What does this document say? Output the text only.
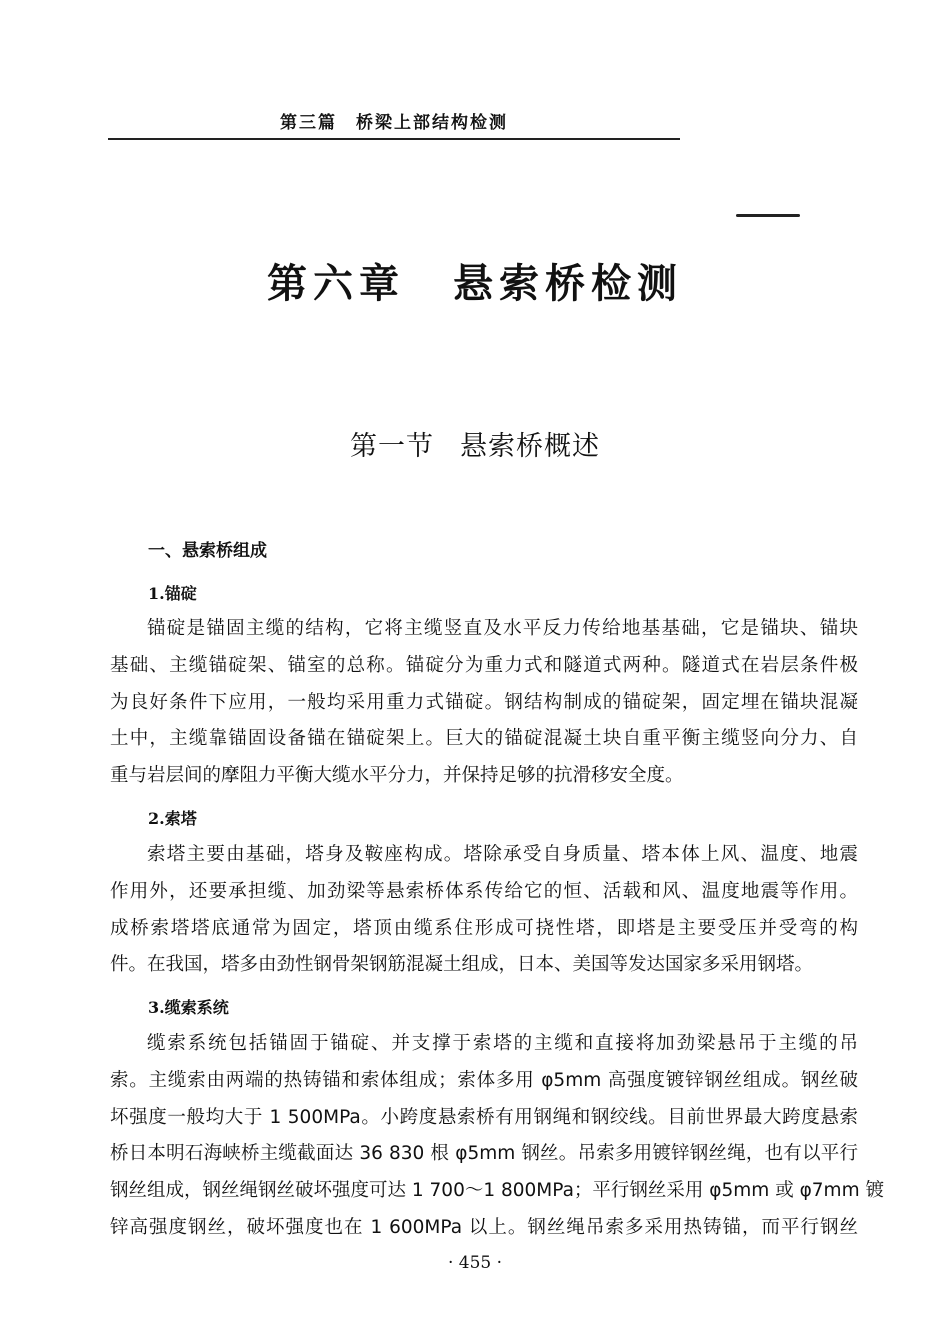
第三篇　桥梁上部结构检测
第六章 悬索桥检测
第一节 悬索桥概述
一、悬索桥组成
1.锚碇
锚碇是锚固主缆的结构，它将主缆竖直及水平反力传给地基基础，它是锚块、锚块
基础、主缆锚碇架、锚室的总称。锚碇分为重力式和隧道式两种。隧道式在岩层条件极
为良好条件下应用，一般均采用重力式锚碇。钢结构制成的锚碇架，固定埋在锚块混凝
土中，主缆靠锚固设备锚在锚碇架上。巨大的锚碇混凝土块自重平衡主缆竖向分力、自
重与岩层间的摩阻力平衡大缆水平分力，并保持足够的抗滑移安全度。
2.索塔
索塔主要由基础，塔身及鞍座构成。塔除承受自身质量、塔本体上风、温度、地震
作用外，还要承担缆、加劲梁等悬索桥体系传给它的恒、活载和风、温度地震等作用。
成桥索塔塔底通常为固定，塔顶由缆系住形成可挠性塔，即塔是主要受压并受弯的构
件。在我国，塔多由劲性钢骨架钢筋混凝土组成，日本、美国等发达国家多采用钢塔。
3.缆索系统
缆索系统包括锚固于锚碇、并支撑于索塔的主缆和直接将加劲梁悬吊于主缆的吊
索。主缆索由两端的热铸锚和索体组成；索体多用 φ5mm 高强度镀锌钢丝组成。钢丝破
坏强度一般均大于 1 500MPa。小跨度悬索桥有用钢绳和钢绞线。目前世界最大跨度悬索
桥日本明石海峡桥主缆截面达 36 830 根 φ5mm 钢丝。吊索多用镀锌钢丝绳，也有以平行
钢丝组成，钢丝绳钢丝破坏强度可达 1 700～1 800MPa；平行钢丝采用 φ5mm 或 φ7mm 镀
锌高强度钢丝，破坏强度也在 1 600MPa 以上。钢丝绳吊索多采用热铸锚，而平行钢丝
· 455 ·
